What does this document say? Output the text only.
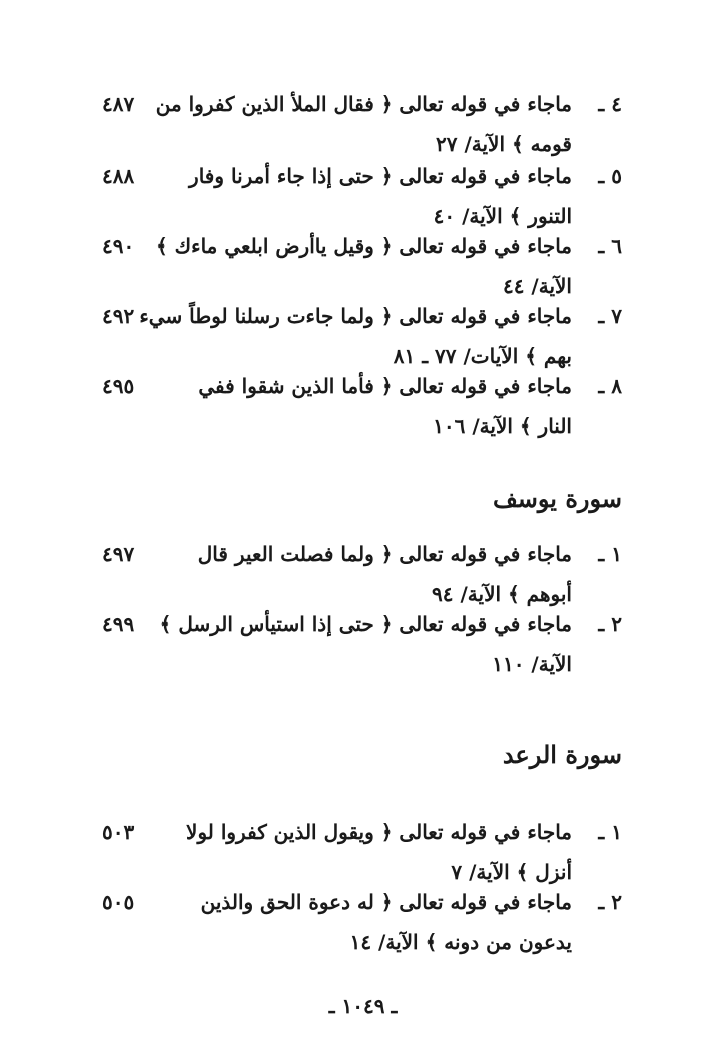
٤ ـ
ماجاء في قوله تعالى ﴿ فقال الملأ الذين كفروا من
قومه ﴾ الآية/ ٢٧
٤٨٧
٥ ـ
ماجاء في قوله تعالى ﴿ حتى إذا جاء أمرنا وفار
التنور ﴾ الآية/ ٤٠
٤٨٨
٦ ـ
ماجاء في قوله تعالى ﴿ وقيل ياأرض ابلعي ماءك ﴾
الآية/ ٤٤
٤٩٠
٧ ـ
ماجاء في قوله تعالى ﴿ ولما جاءت رسلنا لوطاً سيء
بهم ﴾ الآيات/ ٧٧ ـ ٨١
٤٩٢
٨ ـ
ماجاء في قوله تعالى ﴿ فأما الذين شقوا ففي
النار ﴾ الآية/ ١٠٦
٤٩٥
سورة يوسف
١ ـ
ماجاء في قوله تعالى ﴿ ولما فصلت العير قال
أبوهم ﴾ الآية/ ٩٤
٤٩٧
٢ ـ
ماجاء في قوله تعالى ﴿ حتى إذا استيأس الرسل ﴾
الآية/ ١١٠
٤٩٩
سورة الرعد
١ ـ
ماجاء في قوله تعالى ﴿ ويقول الذين كفروا لولا
أنزل ﴾ الآية/ ٧
٥٠٣
٢ ـ
ماجاء في قوله تعالى ﴿ له دعوة الحق والذين
يدعون من دونه ﴾ الآية/ ١٤
٥٠٥
ـ ١٠٤٩ ـ
